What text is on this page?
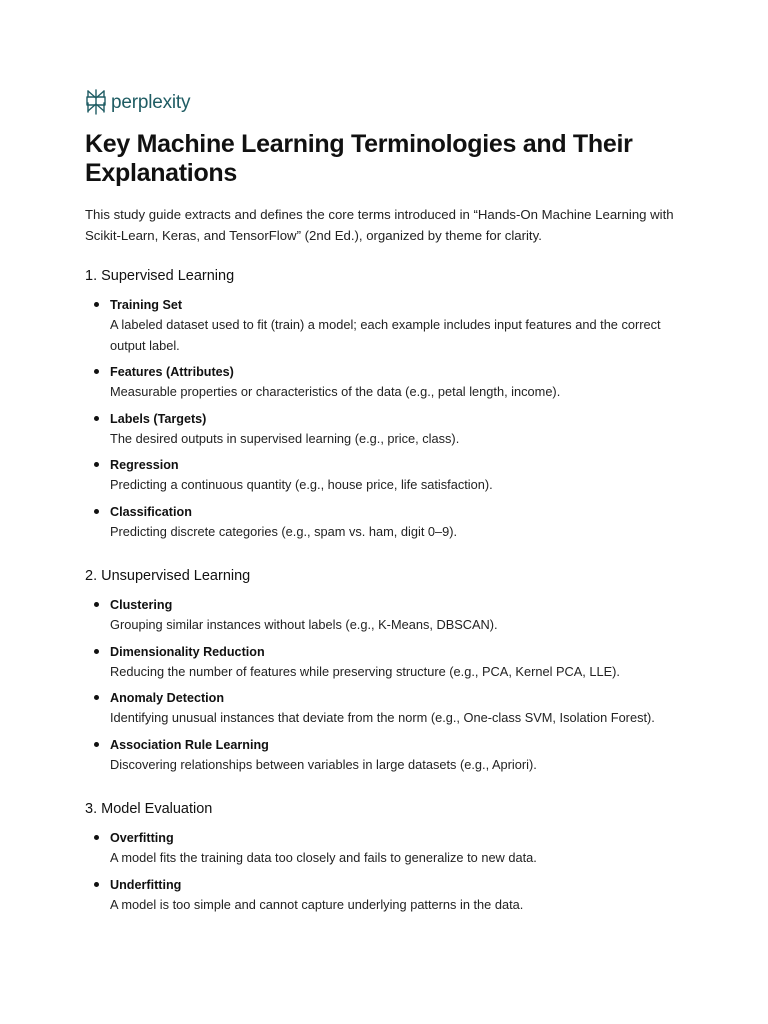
perplexity
Key Machine Learning Terminologies and Their Explanations

This study guide extracts and defines the core terms introduced in “Hands-On Machine Learning with Scikit-Learn, Keras, and TensorFlow” (2nd Ed.), organized by theme for clarity.

1. Supervised Learning
Training Set
A labeled dataset used to fit (train) a model; each example includes input features and the correct output label.
Features (Attributes)
Measurable properties or characteristics of the data (e.g., petal length, income).
Labels (Targets)
The desired outputs in supervised learning (e.g., price, class).
Regression
Predicting a continuous quantity (e.g., house price, life satisfaction).
Classification
Predicting discrete categories (e.g., spam vs. ham, digit 0–9).
2. Unsupervised Learning
Clustering
Grouping similar instances without labels (e.g., K-Means, DBSCAN).
Dimensionality Reduction
Reducing the number of features while preserving structure (e.g., PCA, Kernel PCA, LLE).
Anomaly Detection
Identifying unusual instances that deviate from the norm (e.g., One-class SVM, Isolation Forest).
Association Rule Learning
Discovering relationships between variables in large datasets (e.g., Apriori).
3. Model Evaluation
Overfitting
A model fits the training data too closely and fails to generalize to new data.
Underfitting
A model is too simple and cannot capture underlying patterns in the data.
